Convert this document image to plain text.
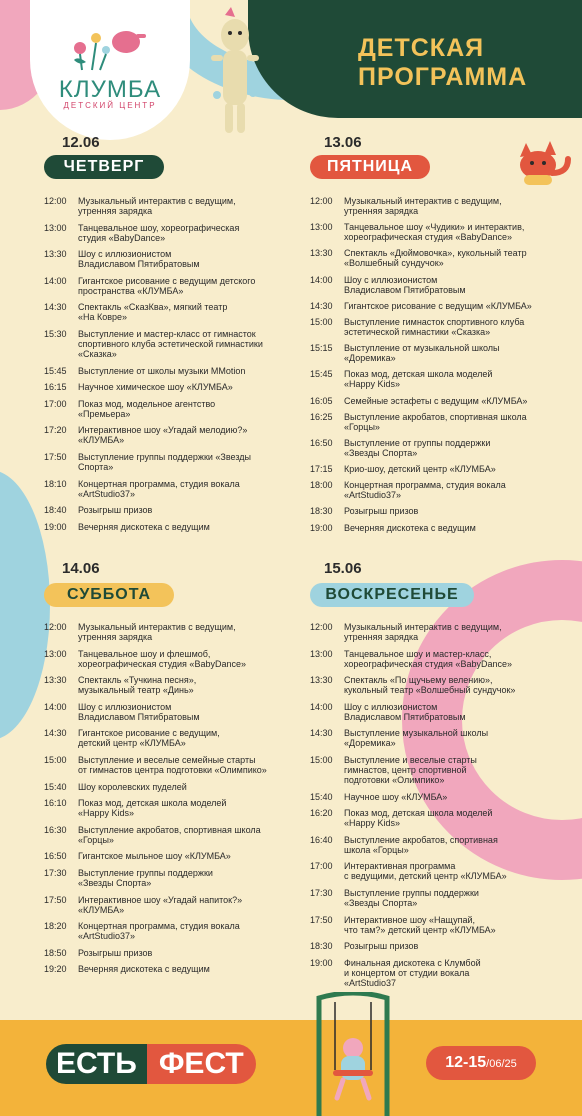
ДЕТСКАЯ
ПРОГРАММА
КЛУМБА
ДЕТСКИЙ ЦЕНТР
12.06
ЧЕТВЕРГ
12:00	Музыкальный интерактив с ведущим,
утренняя зарядка
13:00	Танцевальное шоу, хореографическая
студия «BabyDance»
13:30	Шоу с иллюзионистом
Владиславом Пятибратовым
14:00	Гигантское рисование с ведущим детского
пространства «КЛУМБА»
14:30	Спектакль «СказКва», мягкий театр
«На Ковре»
15:30	Выступление и мастер-класс от гимнасток
спортивного клуба эстетической гимнастики
«Сказка»
15:45	Выступление от школы музыки MMotion
16:15	Научное химическое шоу «КЛУМБА»
17:00	Показ мод, модельное агентство
«Премьера»
17:20	Интерактивное шоу «Угадай мелодию?»
«КЛУМБА»
17:50	Выступление группы поддержки «Звезды
Спорта»
18:10	Концертная программа, студия вокала
«ArtStudio37»
18:40	Розыгрыш призов
19:00	Вечерняя дискотека с ведущим
13.06
ПЯТНИЦА
12:00	Музыкальный интерактив с ведущим,
утренняя зарядка
13:00	Танцевальное шоу «Чудики» и интерактив,
хореографическая студия «BabyDance»
13:30	Спектакль «Дюймовочка», кукольный театр
«Волшебный сундучок»
14:00	Шоу с иллюзионистом
Владиславом Пятибратовым
14:30	Гигантское рисование с ведущим «КЛУМБА»
15:00	Выступление гимнасток спортивного клуба
эстетической гимнастики «Сказка»
15:15	Выступление от музыкальной школы
«Доремика»
15:45	Показ мод, детская школа моделей
«Happy Kids»
16:05	Семейные эстафеты с ведущим «КЛУМБА»
16:25	Выступление акробатов, спортивная школа
«Горцы»
16:50	Выступление от группы поддержки
«Звезды Спорта»
17:15	Крио-шоу, детский центр «КЛУМБА»
18:00	Концертная программа, студия вокала
«ArtStudio37»
18:30	Розыгрыш призов
19:00	Вечерняя дискотека с ведущим
14.06
СУББОТА
12:00	Музыкальный интерактив с ведущим,
утренняя зарядка
13:00	Танцевальное шоу и флешмоб,
хореографическая студия «BabyDance»
13:30	Спектакль «Тучкина песня»,
музыкальный театр «Динь»
14:00	Шоу с иллюзионистом
Владиславом Пятибратовым
14:30	Гигантское рисование с ведущим,
детский центр «КЛУМБА»
15:00	Выступление и веселые семейные старты
от гимнастов центра подготовки «Олимпико»
15:40	Шоу королевских пуделей
16:10	Показ мод, детская школа моделей
«Happy Kids»
16:30	Выступление акробатов, спортивная школа
«Горцы»
16:50	Гигантское мыльное шоу «КЛУМБА»
17:30	Выступление группы поддержки
«Звезды Спорта»
17:50	Интерактивное шоу «Угадай напиток?»
«КЛУМБА»
18:20	Концертная программа, студия вокала
«ArtStudio37»
18:50	Розыгрыш призов
19:20	Вечерняя дискотека с ведущим
15.06
ВОСКРЕСЕНЬЕ
12:00	Музыкальный интерактив с ведущим,
утренняя зарядка
13:00	Танцевальное шоу и мастер-класс,
хореографическая студия «BabyDance»
13:30	Спектакль «По щучьему велению»,
кукольный театр «Волшебный сундучок»
14:00	Шоу с иллюзионистом
Владиславом Пятибратовым
14:30	Выступление музыкальной школы
«Доремика»
15:00	Выступление и веселые старты
гимнастов, центр спортивной
подготовки «Олимпико»
15:40	Научное шоу «КЛУМБА»
16:20	Показ мод, детская школа моделей
«Happy Kids»
16:40	Выступление акробатов, спортивная
школа «Горцы»
17:00	Интерактивная программа
с ведущими, детский центр «КЛУМБА»
17:30	Выступление группы поддержки
«Звезды Спорта»
17:50	Интерактивное шоу «Нащупай,
что там?» детский центр «КЛУМБА»
18:30	Розыгрыш призов
19:00	Финальная дискотека с Клумбой
и концертом от студии вокала
«ArtStudio37
ЕСТЬ ФЕСТ	12-15/06/25
